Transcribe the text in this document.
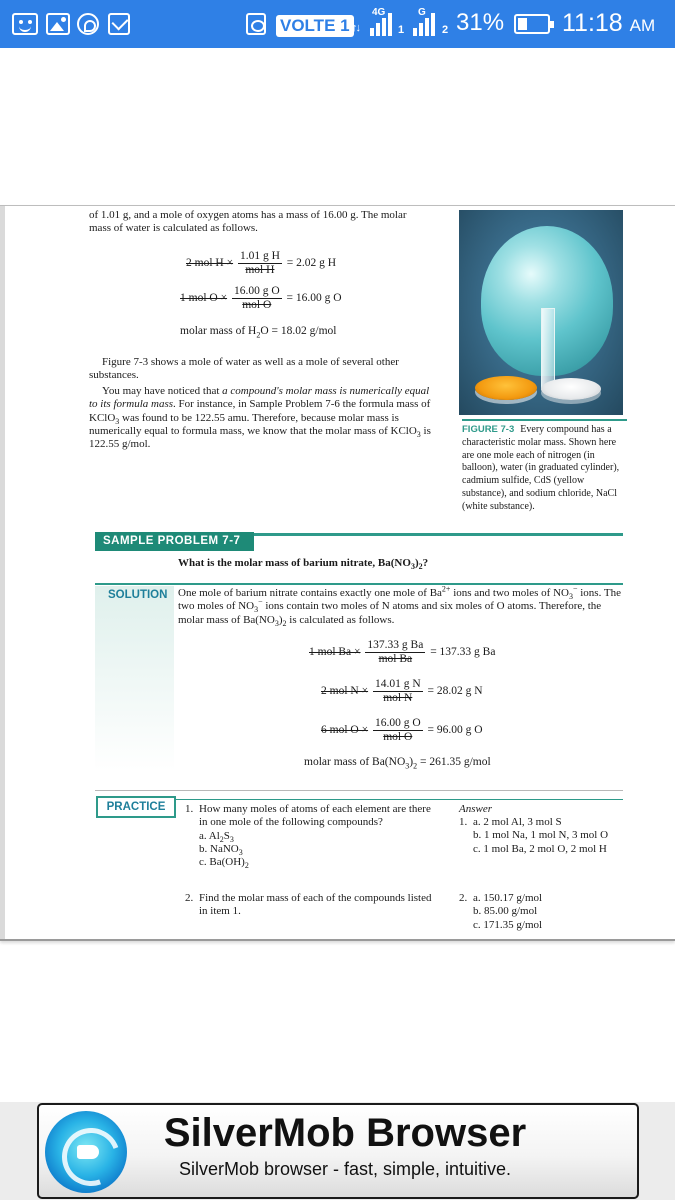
VOLTE 1 ↑↓
4G
1
G
2 31% 11:18 AM

of 1.01 g, and a mole of oxygen atoms has a mass of 16.00 g. The molar

mass of water is calculated as follows.

2 mol $H \times \frac{\text{1.01 g H}}{\text{mol H}} = 2.02$ g H
1 mol $O \times \frac{\text{16.00 g O}}{\text{mol O}} = 16.00$ g O
molar mass of $H_2O = 18.02$ g/mol
Figure 7-3 shows a mole of water as well as a mole of several other substances.
You may have noticed that a compound's molar mass is numerically equal to its formula mass. For instance, in Sample Problem 7-6 the formula mass of KClO$_3$ was found to be 122.55 amu. Therefore, because molar mass is numerically equal to formula mass, we know that the molar mass of KClO$_3$ is 122.55 g/mol.
FIGURE 7-3 Every compound has a characteristic molar mass. Shown here are one mole each of nitrogen (in balloon), water (in graduated cylinder), cadmium sulfide, CdS (yellow substance), and sodium chloride, NaCl (white substance).
SAMPLE PROBLEM 7-7
What is the molar mass of barium nitrate, $Ba(NO_3)_2$?
SOLUTION One mole of barium nitrate contains exactly one mole of $Ba^{2+}$ ions and two moles of $NO_3^-$ ions. The two moles of $NO_3^-$ ions contain two moles of N atoms and six moles of O atoms. Therefore, the molar mass of $Ba(NO_3)_2$ is calculated as follows.
1 mol $Ba \times \frac{\text{137.33 g Ba}}{\text{mol Ba}} = 137.33$ g Ba
2 mol $N \times \frac{\text{14.01 g N}}{\text{mol N}} = 28.02$ g N
6 mol $O \times \frac{\text{16.00 g O}}{\text{mol O}} = 96.00$ g O
molar mass of $Ba(NO_3)_2 = 261.35$ g/mol
PRACTICE	1. How many moles of atoms of each element are there in one mole of the following compounds?

a. $Al_2S_3$

b. NaNO$_3$

c. $Ba(OH)_2$

Answer
1. a. 2 mol Al, 3 mol S

b. 1 mol Na, 1 mol N, 3 mol O

c. 1 mol Ba, 2 mol O, 2 mol H

2. Find the molar mass of each of the compounds listed in item 1.
2. a. 150.17 g/mol

b. 85.00 g/mol

c. 171.35 g/mol

SilverMob Browser
SilverMob browser - fast, simple, intuitive.
